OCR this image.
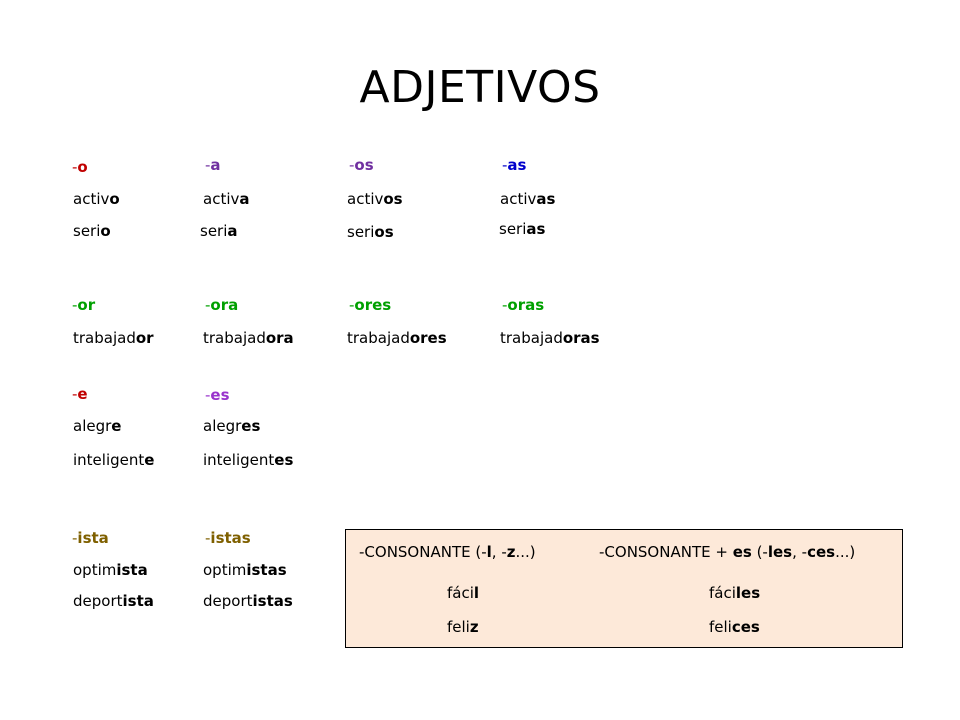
ADJETIVOS
-o
activo
serio
-a
activa
seria
-os
activos
serios
-as
activas
serias
-or
trabajador
-ora
trabajadora
-ores
trabajadores
-oras
trabajadoras
-e
alegre
inteligente
-es
alegres
inteligentes
-ista
optimista
deportista
-istas
optimistas
deportistas
-CONSONANTE (-l, -z...)	-CONSONANTE + es (-les, -ces...)
fácil
feliz
fáciles
felices
